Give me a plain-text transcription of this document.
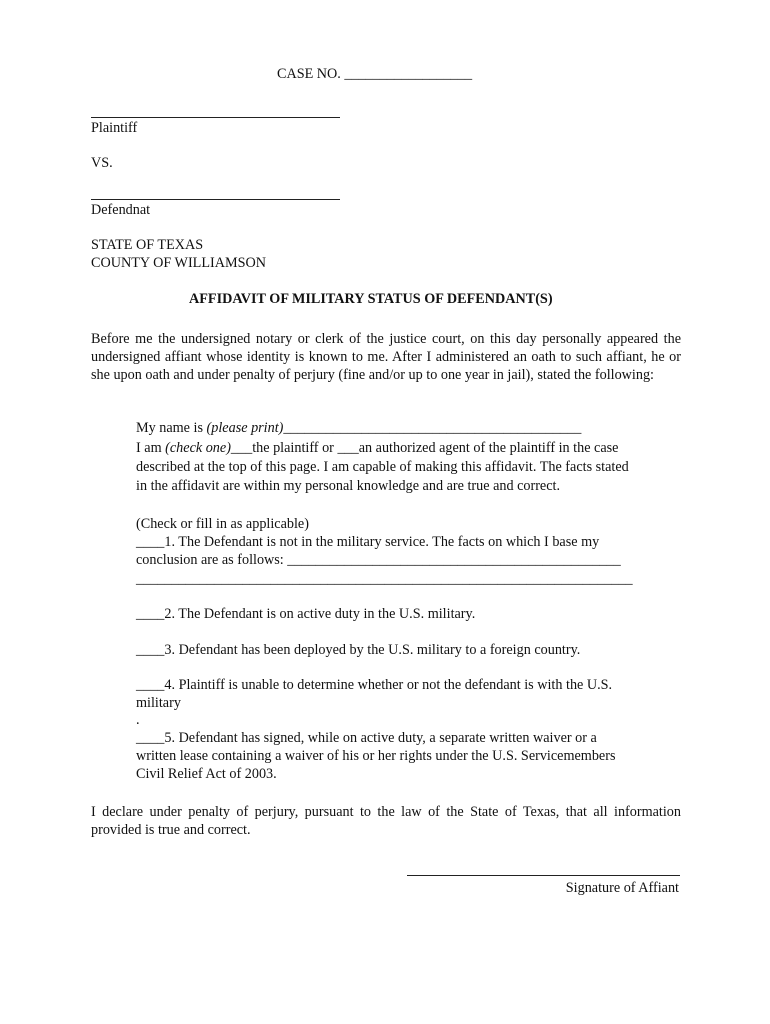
CASE NO. __________________
Plaintiff
VS.
Defendnat
STATE OF TEXAS
COUNTY OF WILLIAMSON
AFFIDAVIT OF MILITARY STATUS OF DEFENDANT(S)
Before me the undersigned notary or clerk of the justice court, on this day personally appeared the undersigned affiant whose identity is known to me. After I administered an oath to such affiant, he or she upon oath and under penalty of perjury (fine and/or up to one year in jail), stated the following:
My name is (please print)__________________________________________
I am (check one)___the plaintiff or ___an authorized agent of the plaintiff in the case
described at the top of this page. I am capable of making this affidavit. The facts stated
in the affidavit are within my personal knowledge and are true and correct.
(Check or fill in as applicable)
____1. The Defendant is not in the military service. The facts on which I base my
conclusion are as follows: _______________________________________________
______________________________________________________________________
____2. The Defendant is on active duty in the U.S. military.
____3. Defendant has been deployed by the U.S. military to a foreign country.
____4. Plaintiff is unable to determine whether or not the defendant is with the U.S.
military
.
____5. Defendant has signed, while on active duty, a separate written waiver or a
written lease containing a waiver of his or her rights under the U.S. Servicemembers
Civil Relief Act of 2003.
I declare under penalty of perjury, pursuant to the law of the State of Texas, that all information provided is true and correct.
Signature of Affiant
